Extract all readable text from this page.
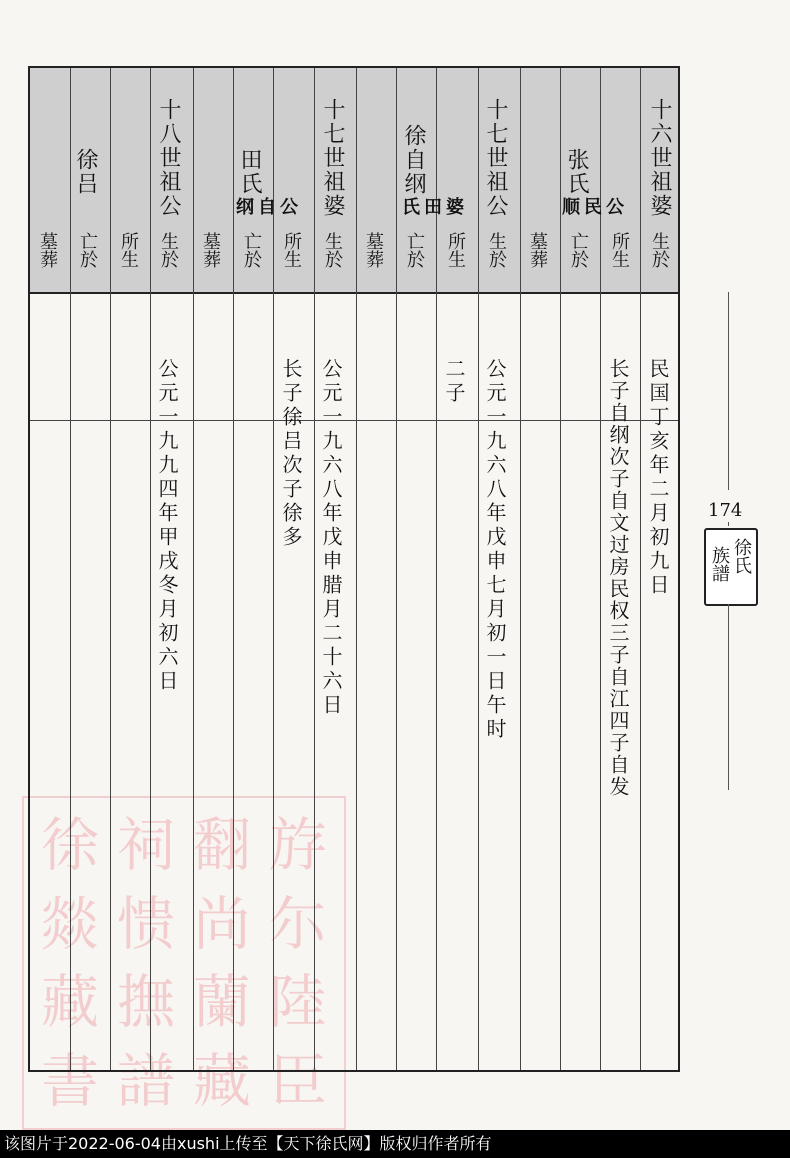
徐 祠 翻 斿
燚 愦 尚 尓
藏 撫 蘭 陸
書 譜 藏 臣
十六世祖婆
张氏
顺民公
生於
所生
亡於
墓葬
民国丁亥年二月初九日
长子自纲次子自文过房民权三子自江四子自发
十七世祖公
徐自纲
氏田婆
生於
所生
亡於
墓葬
公元一九六八年戊申七月初一日午时
二子
十七世祖婆
田氏
纲自公
生於
所生
亡於
墓葬
公元一九六八年戊申腊月二十六日
长子徐吕次子徐多
十八世祖公
徐吕
生於
所生
亡於
墓葬
公元一九九四年甲戌冬月初六日	174
徐氏
族譜
该图片于2022-06-04由xushi上传至【天下徐氏网】版权归作者所有
